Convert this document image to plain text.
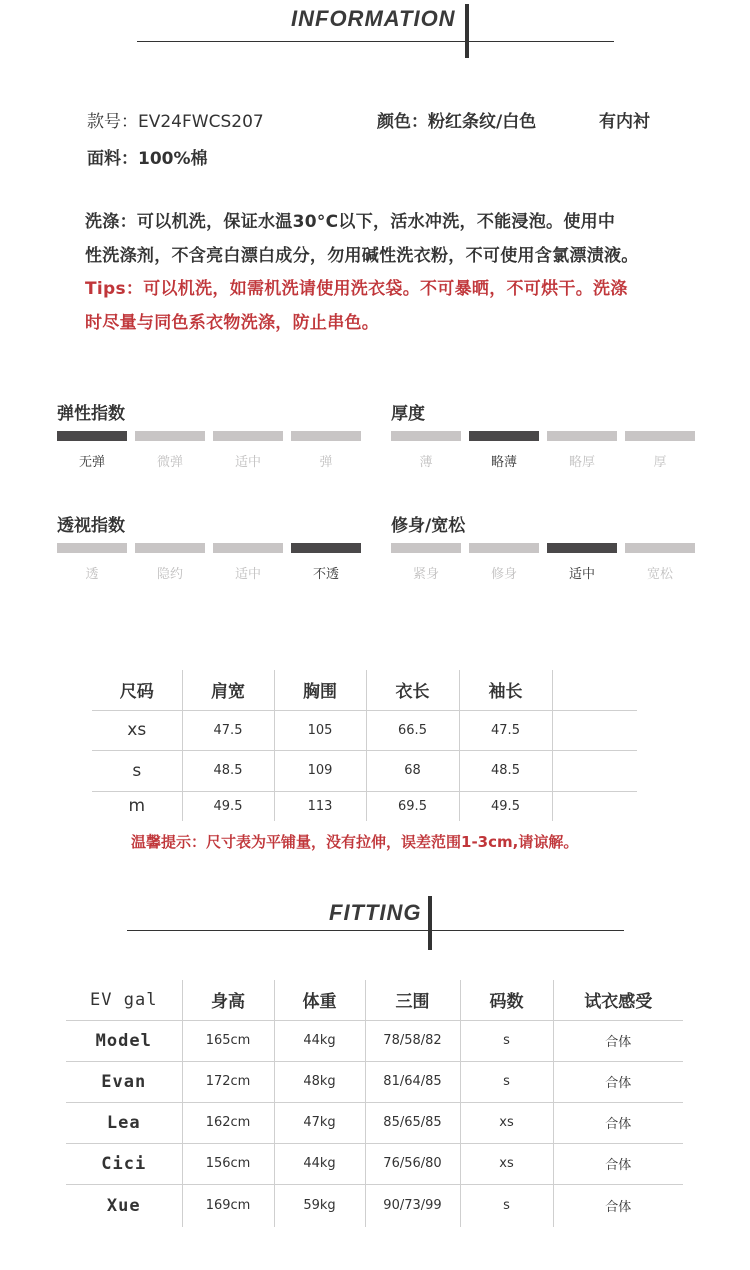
INFORMATION
款号：EV24FWCS207	颜色：粉红条纹/白色	有内衬
面料：100%棉
洗涤：可以机洗，保证水温30°C以下，活水冲洗，不能浸泡。使用中
性洗涤剂，不含亮白漂白成分，勿用碱性洗衣粉，不可使用含氯漂渍液。
Tips：可以机洗，如需机洗请使用洗衣袋。不可暴晒，不可烘干。洗涤
时尽量与同色系衣物洗涤，防止串色。
弹性指数
无弹	微弹	适中	弹
厚度
薄	略薄	略厚	厚
透视指数
透	隐约	适中	不透
修身/宽松
紧身	修身	适中	宽松
尺码	肩宽	胸围	衣长	袖长	
xs	47.5	105	66.5	47.5	
s	48.5	109	68	48.5	
m	49.5	113	69.5	49.5	
温馨提示：尺寸表为平铺量，没有拉伸，误差范围1-3cm,请谅解。
FITTING
EV gal	身高	体重	三围	码数	试衣感受
Model	165cm	44kg	78/58/82	s	合体
Evan	172cm	48kg	81/64/85	s	合体
Lea	162cm	47kg	85/65/85	xs	合体
Cici	156cm	44kg	76/56/80	xs	合体
Xue	169cm	59kg	90/73/99	s	合体
